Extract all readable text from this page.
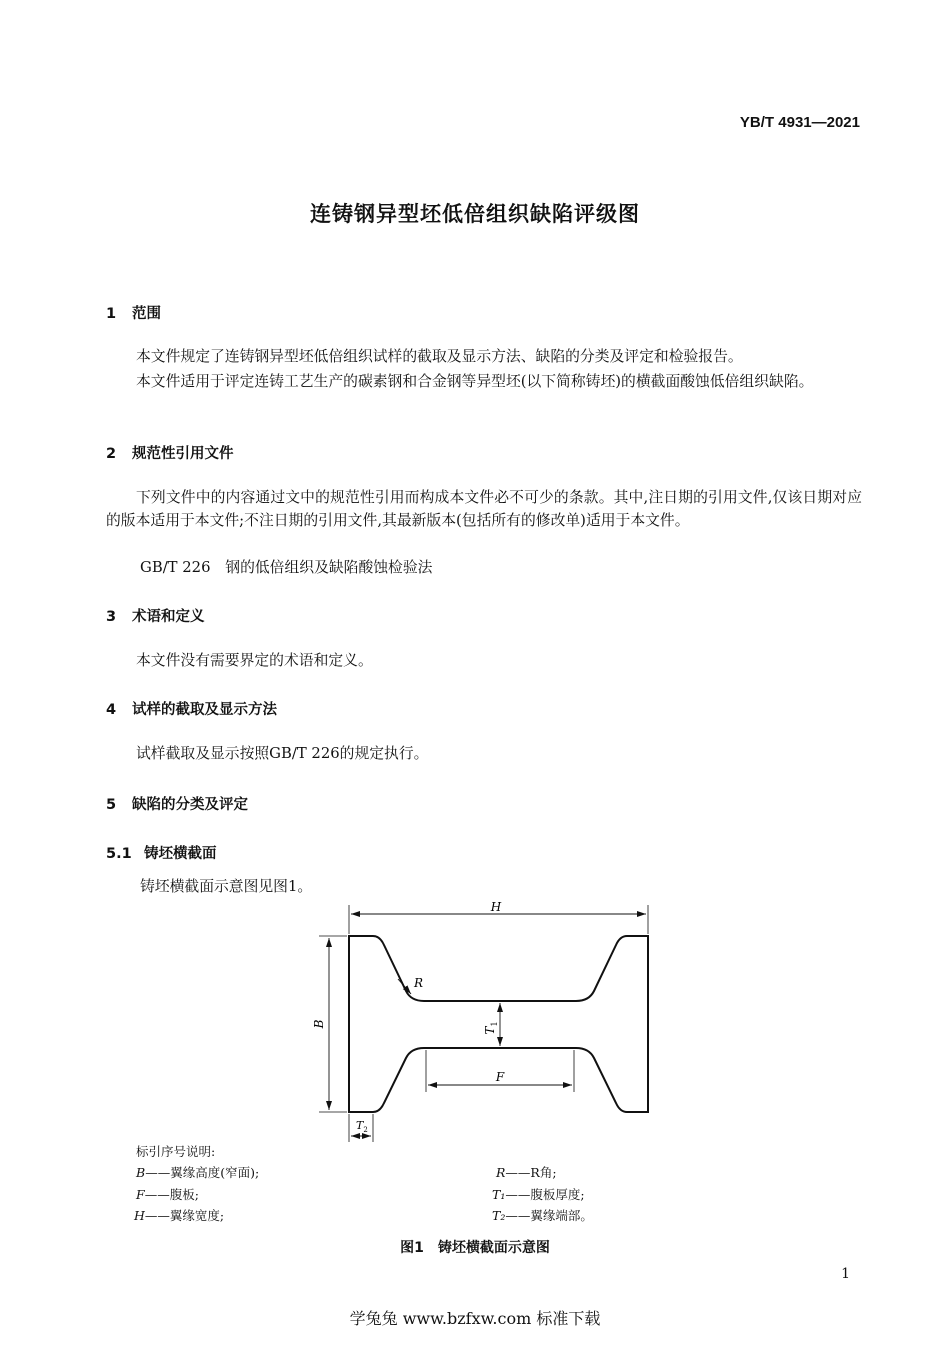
YB/T 4931—2021
连铸钢异型坯低倍组织缺陷评级图
1 范围
本文件规定了连铸钢异型坯低倍组织试样的截取及显示方法、缺陷的分类及评定和检验报告。
本文件适用于评定连铸工艺生产的碳素钢和合金钢等异型坯(以下简称铸坯)的横截面酸蚀低倍组织缺陷。
2 规范性引用文件
下列文件中的内容通过文中的规范性引用而构成本文件必不可少的条款。其中,注日期的引用文件,仅该日期对应的版本适用于本文件;不注日期的引用文件,其最新版本(包括所有的修改单)适用于本文件。
GB/T 226　钢的低倍组织及缺陷酸蚀检验法
3 术语和定义
本文件没有需要界定的术语和定义。
4 试样的截取及显示方法
试样截取及显示按照GB/T 226的规定执行。
5 缺陷的分类及评定
5.1 铸坯横截面
铸坯横截面示意图见图1。
H
B
R
$T_1$
F
$T_2$
标引序号说明:
B——翼缘高度(窄面);
F——腹板;
H——翼缘宽度;
R——R角;
T₁——腹板厚度;
T₂——翼缘端部。
图1　铸坯横截面示意图
1
学兔兔 www.bzfxw.com 标准下载
